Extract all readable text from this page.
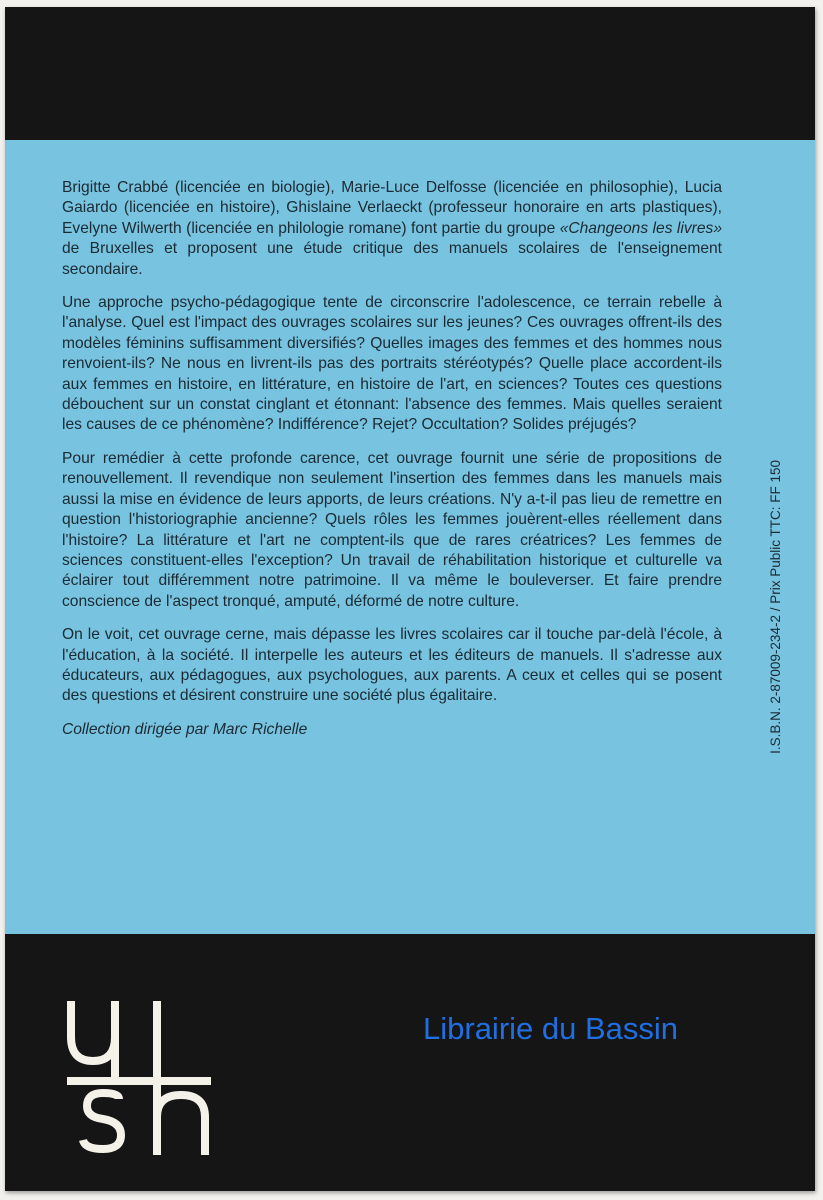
Brigitte Crabbé (licenciée en biologie), Marie-Luce Delfosse (licenciée en philosophie), Lucia Gaiardo (licenciée en histoire), Ghislaine Verlaeckt (professeur honoraire en arts plastiques), Evelyne Wilwerth (licenciée en philologie romane) font partie du groupe «Changeons les livres» de Bruxelles et proposent une étude critique des manuels scolaires de l'enseignement secondaire.

Une approche psycho-pédagogique tente de circonscrire l'adolescence, ce terrain rebelle à l'analyse. Quel est l'impact des ouvrages scolaires sur les jeunes? Ces ouvrages offrent-ils des modèles féminins suffisamment diversifiés? Quelles images des femmes et des hommes nous renvoient-ils? Ne nous en livrent-ils pas des portraits stéréotypés? Quelle place accordent-ils aux femmes en histoire, en littérature, en histoire de l'art, en sciences? Toutes ces questions débouchent sur un constat cinglant et étonnant: l'absence des femmes. Mais quelles seraient les causes de ce phénomène? Indifférence? Rejet? Occultation? Solides préjugés?

Pour remédier à cette profonde carence, cet ouvrage fournit une série de propositions de renouvellement. Il revendique non seulement l'insertion des femmes dans les manuels mais aussi la mise en évidence de leurs apports, de leurs créations. N'y a-t-il pas lieu de remettre en question l'historiographie ancienne? Quels rôles les femmes jouèrent-elles réellement dans l'histoire? La littérature et l'art ne comptent-ils que de rares créatrices? Les femmes de sciences constituent-elles l'exception? Un travail de réhabilitation historique et culturelle va éclairer tout différemment notre patrimoine. Il va même le bouleverser. Et faire prendre conscience de l'aspect tronqué, amputé, déformé de notre culture.

On le voit, cet ouvrage cerne, mais dépasse les livres scolaires car il touche par-delà l'école, à l'éducation, à la société. Il interpelle les auteurs et les éditeurs de manuels. Il s'adresse aux éducateurs, aux pédagogues, aux psychologues, aux parents. A ceux et celles qui se posent des questions et désirent construire une société plus égalitaire.

Collection dirigée par Marc Richelle	I.S.B.N. 2-87009-234-2 / Prix Public TTC: FF 150
Librairie du Bassin
